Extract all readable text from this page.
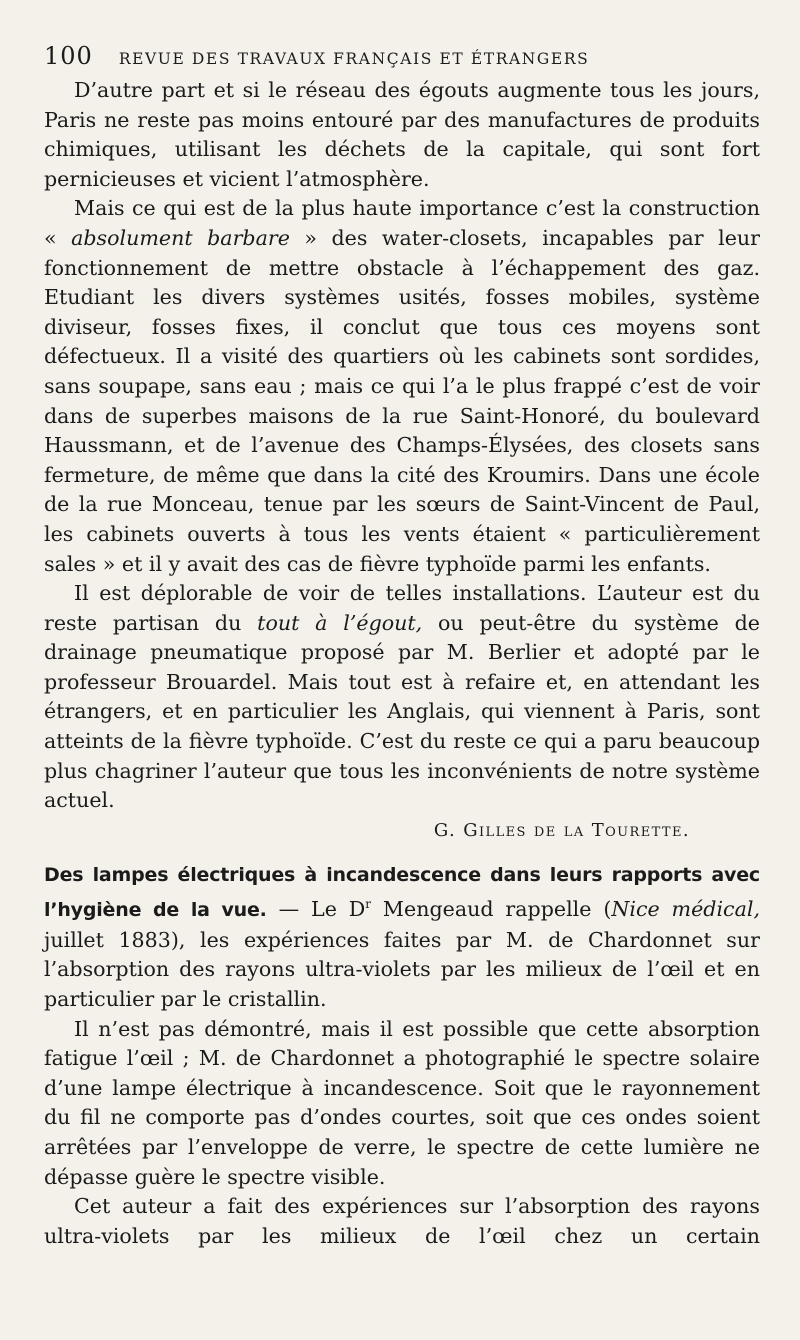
100 REVUE DES TRAVAUX FRANÇAIS ET ÉTRANGERS

D’autre part et si le réseau des égouts augmente tous les jours, Paris ne reste pas moins entouré par des manufactures de produits chimiques, utilisant les déchets de la capitale, qui sont fort pernicieuses et vicient l’atmosphère.

Mais ce qui est de la plus haute importance c’est la construction « absolument barbare » des water-closets, incapables par leur fonctionnement de mettre obstacle à l’échappement des gaz. Etudiant les divers systèmes usités, fosses mobiles, système diviseur, fosses fixes, il conclut que tous ces moyens sont défectueux. Il a visité des quartiers où les cabinets sont sordides, sans soupape, sans eau ; mais ce qui l’a le plus frappé c’est de voir dans de superbes maisons de la rue Saint-Honoré, du boulevard Haussmann, et de l’avenue des Champs-Élysées, des closets sans fermeture, de même que dans la cité des Kroumirs. Dans une école de la rue Monceau, tenue par les sœurs de Saint-Vincent de Paul, les cabinets ouverts à tous les vents étaient « particulièrement sales » et il y avait des cas de fièvre typhoïde parmi les enfants.

Il est déplorable de voir de telles installations. L’auteur est du reste partisan du tout à l’égout, ou peut-être du système de drainage pneumatique proposé par M. Berlier et adopté par le professeur Brouardel. Mais tout est à refaire et, en attendant les étrangers, et en particulier les Anglais, qui viennent à Paris, sont atteints de la fièvre typhoïde. C’est du reste ce qui a paru beaucoup plus chagriner l’auteur que tous les inconvénients de notre système actuel.

G. Gilles de la Tourette.

Des lampes électriques à incandescence dans leurs rapports avec l’hygiène de la vue. — Le $D^r$ Mengeaud rappelle (Nice médical, juillet 1883), les expériences faites par M. de Chardonnet sur l’absorption des rayons ultra-violets par les milieux de l’œil et en particulier par le cristallin.

Il n’est pas démontré, mais il est possible que cette absorption fatigue l’œil ; M. de Chardonnet a photographié le spectre solaire d’une lampe électrique à incandescence. Soit que le rayonnement du fil ne comporte pas d’ondes courtes, soit que ces ondes soient arrêtées par l’enveloppe de verre, le spectre de cette lumière ne dépasse guère le spectre visible.

Cet auteur a fait des expériences sur l’absorption des rayons ultra-violets par les milieux de l’œil chez un certain
